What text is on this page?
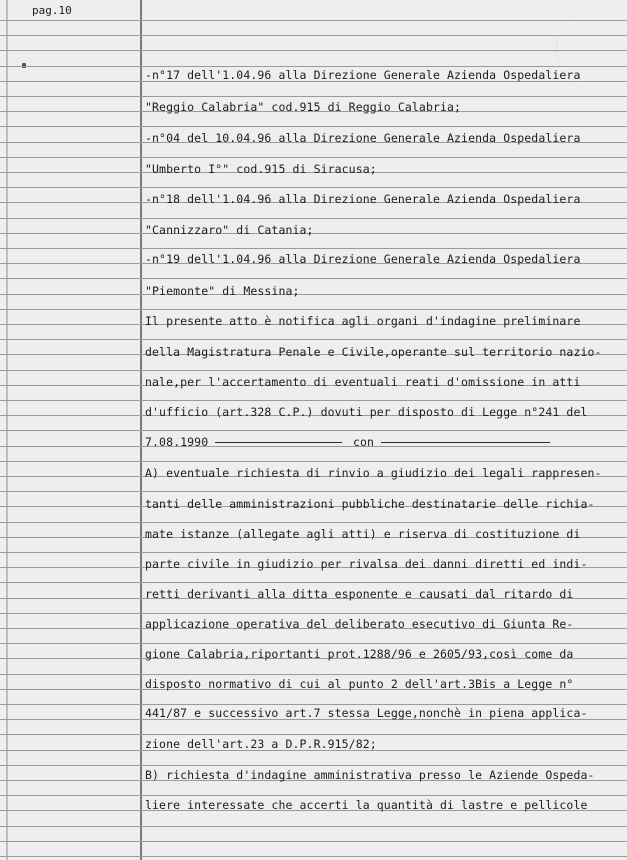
pag.10
-n°17 dell'1.04.96 alla Direzione Generale Azienda Ospedaliera
"Reggio Calabria" cod.915 di Reggio Calabria;
-n°04 del 10.04.96 alla Direzione Generale Azienda Ospedaliera
"Umberto I°" cod.915 di Siracusa;
-n°18 dell'1.04.96 alla Direzione Generale Azienda Ospedaliera
"Cannizzaro" di Catania;
-n°19 dell'1.04.96 alla Direzione Generale Azienda Ospedaliera
"Piemonte" di Messina;
Il presente atto è notifica agli organi d'indagine preliminare
della Magistratura Penale e Civile,operante sul territorio nazio-
nale,per l'accertamento di eventuali reati d'omissione in atti
d'ufficio (art.328 C.P.) dovuti per disposto di Legge n°241 del
7.08.1990	con
A) eventuale richiesta di rinvio a giudizio dei legali rappresen-
tanti delle amministrazioni pubbliche destinatarie delle richia-
mate istanze (allegate agli atti) e riserva di costituzione di
parte civile in giudizio per rivalsa dei danni diretti ed indi-
retti derivanti alla ditta esponente e causati dal ritardo di
applicazione operativa del deliberato esecutivo di Giunta Re-
gione Calabria,riportanti prot.1288/96 e 2605/93,così come da
disposto normativo di cui al punto 2 dell'art.3Bis a Legge n°
441/87 e successivo art.7 stessa Legge,nonchè in piena applica-
zione dell'art.23 a D.P.R.915/82;
B) richiesta d'indagine amministrativa presso le Aziende Ospeda-
liere interessate che accerti la quantità di lastre e pellicole
